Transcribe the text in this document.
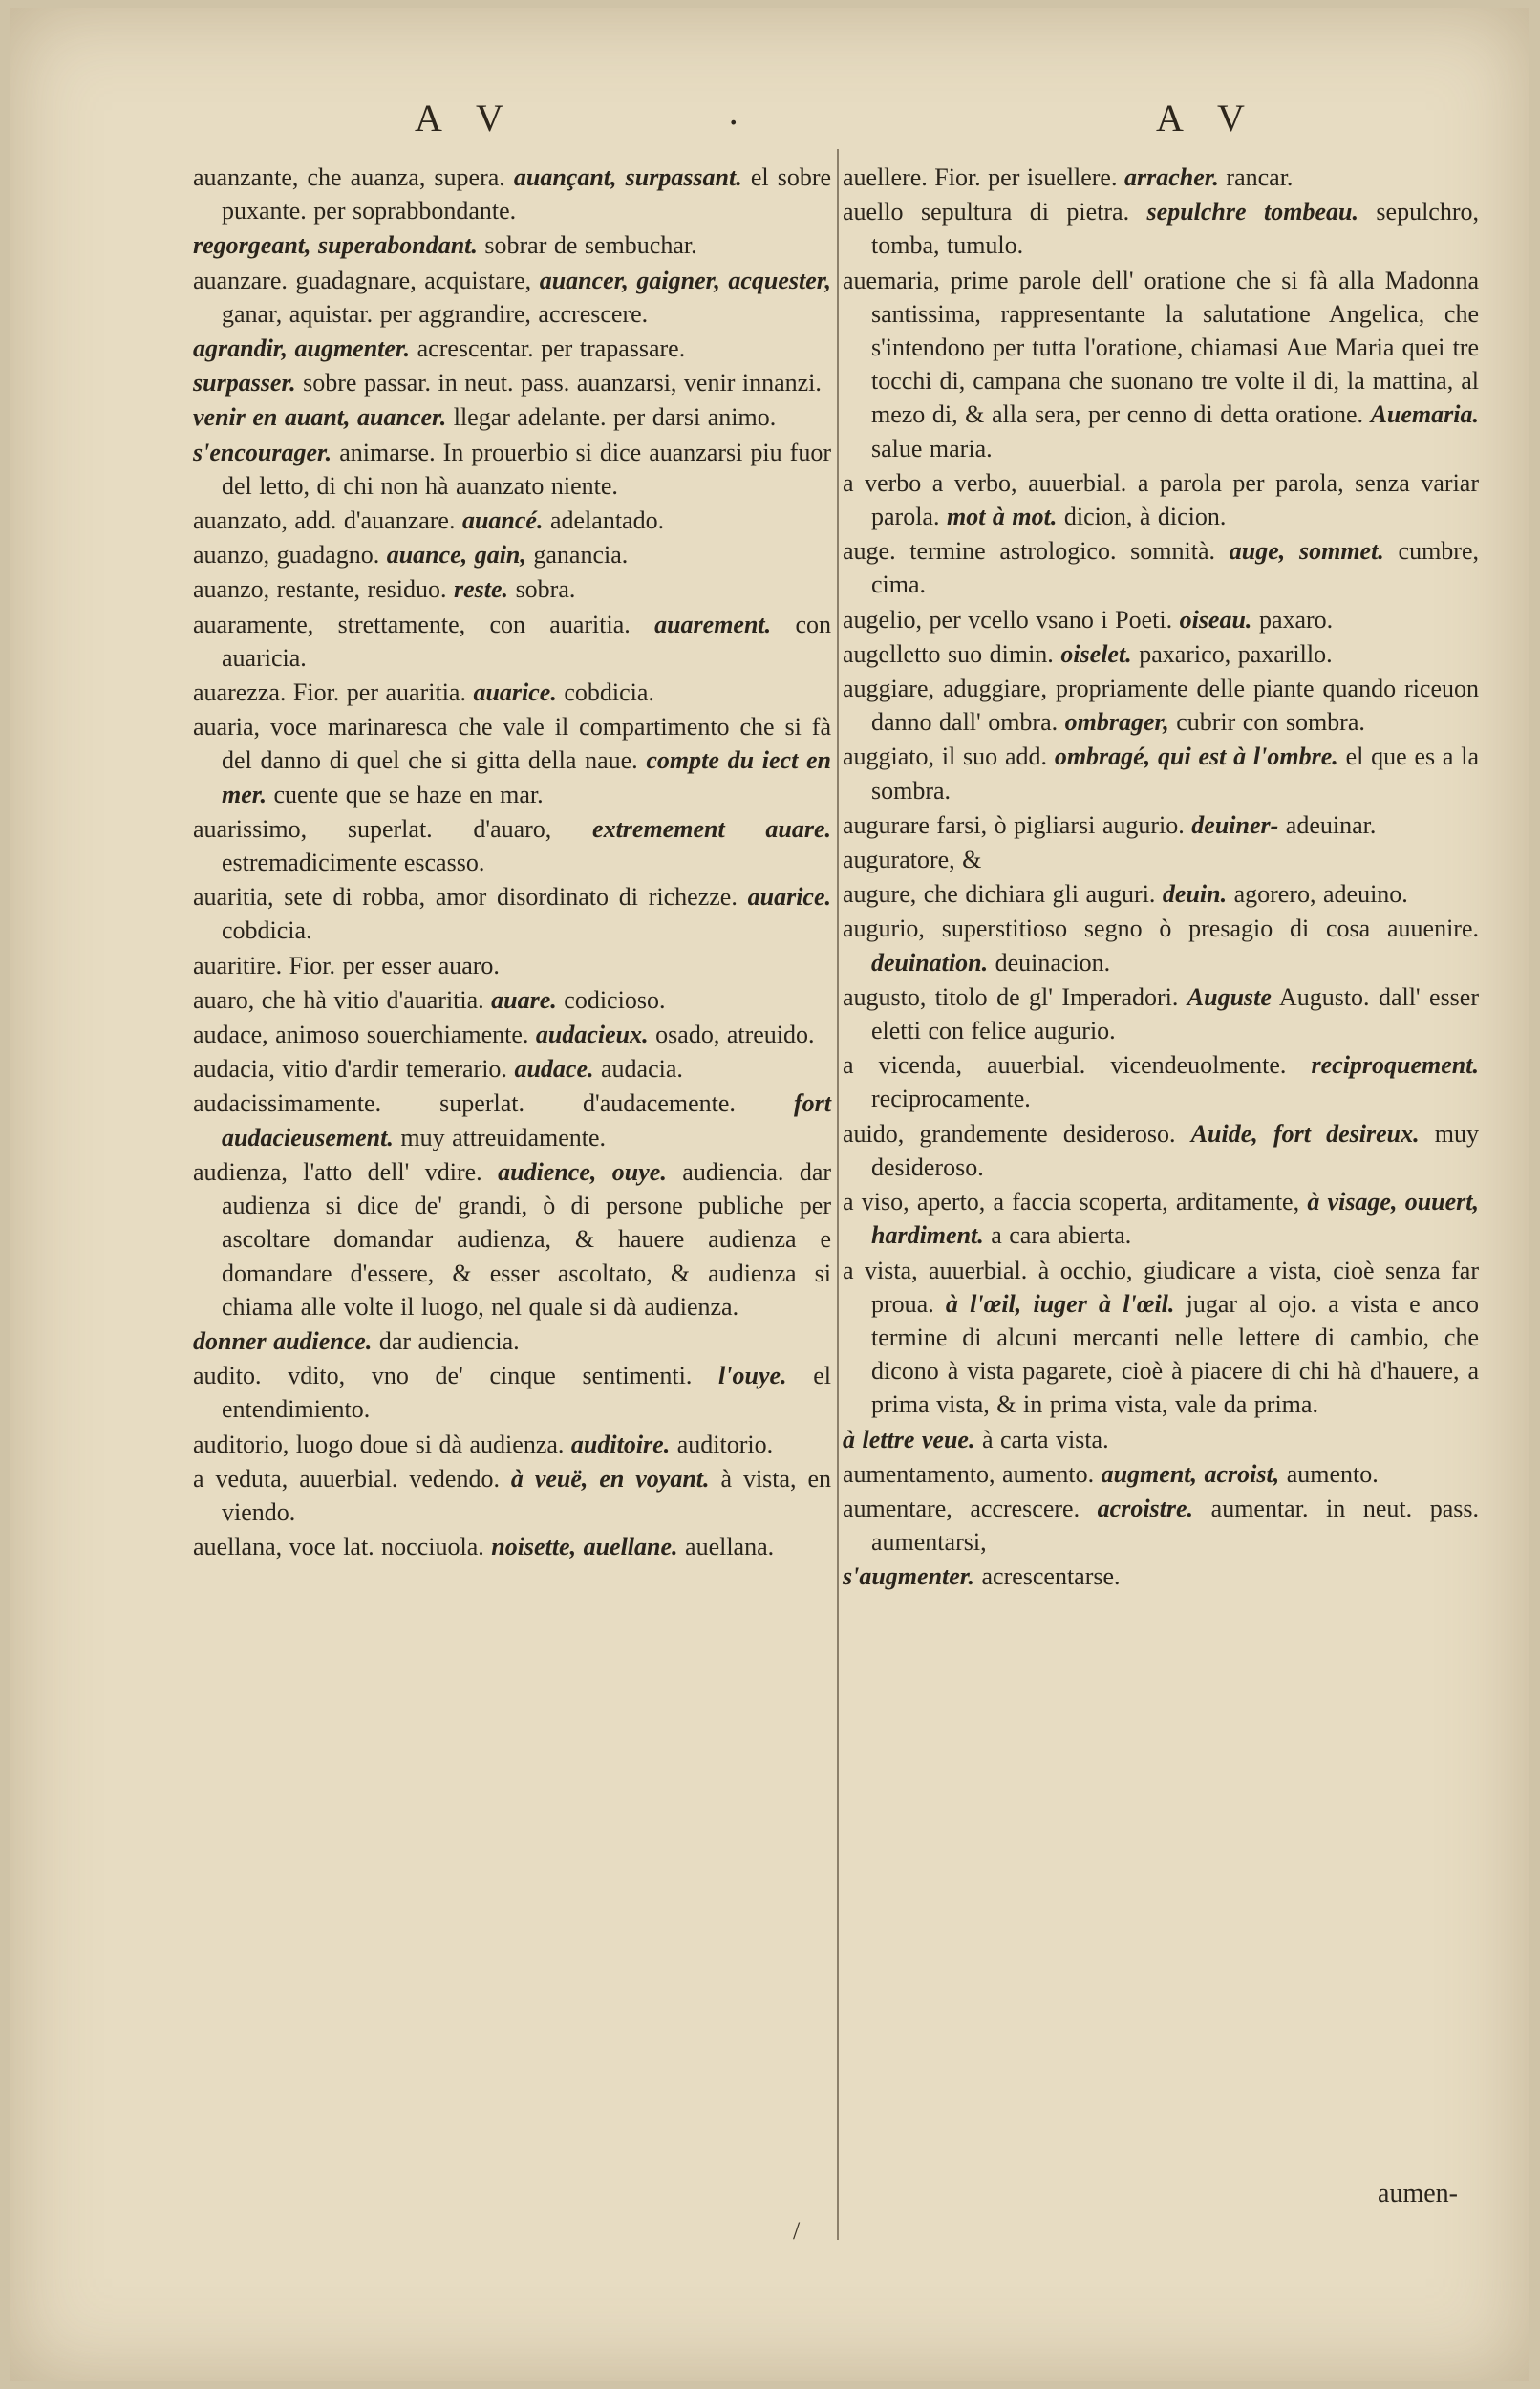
A V	.	A V
auanzante, che auanza, supera. auançant, surpassant. el sobre puxante. per soprabbondante.
regorgeant, superabondant. sobrar de sembuchar.
auanzare. guadagnare, acquistare, auancer, gaigner, acquester, ganar, aquistar. per aggrandire, accrescere.
agrandir, augmenter. acrescentar. per trapassare.
surpasser. sobre passar. in neut. pass. auanzarsi, venir innanzi.
venir en auant, auancer. llegar adelante. per darsi animo.
s'encourager. animarse. In prouerbio si dice auanzarsi piu fuor del letto, di chi non hà auanzato niente.
auanzato, add. d'auanzare. auancé. adelantado.
auanzo, guadagno. auance, gain, ganancia.
auanzo, restante, residuo. reste. sobra.
auaramente, strettamente, con auaritia. auarement. con auaricia.
auarezza. Fior. per auaritia. auarice. cobdicia.
auaria, voce marinaresca che vale il compartimento che si fà del danno di quel che si gitta della naue. compte du iect en mer. cuente que se haze en mar.
auarissimo, superlat. d'auaro, extremement auare. estremadicimente escasso.
auaritia, sete di robba, amor disordinato di richezze. auarice. cobdicia.
auaritire. Fior. per esser auaro.
auaro, che hà vitio d'auaritia. auare. codicioso.
audace, animoso souerchiamente. audacieux. osado, atreuido.
audacia, vitio d'ardir temerario. audace. audacia.
audacissimamente. superlat. d'audacemente. fort audacieusement. muy attreuidamente.
audienza, l'atto dell' vdire. audience, ouye. audiencia. dar audienza si dice de' grandi, ò di persone publiche per ascoltare domandar audienza, & hauere audienza e domandare d'essere, & esser ascoltato, & audienza si chiama alle volte il luogo, nel quale si dà audienza.
donner audience. dar audiencia.
audito. vdito, vno de' cinque sentimenti. l'ouye. el entendimiento.
auditorio, luogo doue si dà audienza. auditoire. auditorio.
a veduta, auuerbial. vedendo. à veuë, en voyant. à vista, en viendo.
auellana, voce lat. nocciuola. noisette, auellane. auellana.
auellere. Fior. per isuellere. arracher. rancar.
auello sepultura di pietra. sepulchre tombeau. sepulchro, tomba, tumulo.
auemaria, prime parole dell' oratione che si fà alla Madonna santissima, rappresentante la salutatione Angelica, che s'intendono per tutta l'oratione, chiamasi Aue Maria quei tre tocchi di, campana che suonano tre volte il di, la mattina, al mezo di, & alla sera, per cenno di detta oratione. Auemaria. salue maria.
a verbo a verbo, auuerbial. a parola per parola, senza variar parola. mot à mot. dicion, à dicion.
auge. termine astrologico. somnità. auge, sommet. cumbre, cima.
augelio, per vcello vsano i Poeti. oiseau. paxaro.
augelletto suo dimin. oiselet. paxarico, paxarillo.
auggiare, aduggiare, propriamente delle piante quando riceuon danno dall' ombra. ombrager, cubrir con sombra.
auggiato, il suo add. ombragé, qui est à l'ombre. el que es a la sombra.
augurare farsi, ò pigliarsi augurio. deuiner- adeuinar.
auguratore, &
augure, che dichiara gli auguri. deuin. agorero, adeuino.
augurio, superstitioso segno ò presagio di cosa auuenire. deuination. deuinacion.
augusto, titolo de gl' Imperadori. Auguste Augusto. dall' esser eletti con felice augurio.
a vicenda, auuerbial. vicendeuolmente. reciproquement. reciprocamente.
auido, grandemente desideroso. Auide, fort desireux. muy desideroso.
a viso, aperto, a faccia scoperta, arditamente, à visage, ouuert, hardiment. a cara abierta.
a vista, auuerbial. à occhio, giudicare a vista, cioè senza far proua. à l'œil, iuger à l'œil. jugar al ojo. a vista e anco termine di alcuni mercanti nelle lettere di cambio, che dicono à vista pagarete, cioè à piacere di chi hà d'hauere, a prima vista, & in prima vista, vale da prima.
à lettre veue. à carta vista.
aumentamento, aumento. augment, acroist, aumento.
aumentare, accrescere. acroistre. aumentar. in neut. pass. aumentarsi,
s'augmenter. acrescentarse.
/
aumen-
